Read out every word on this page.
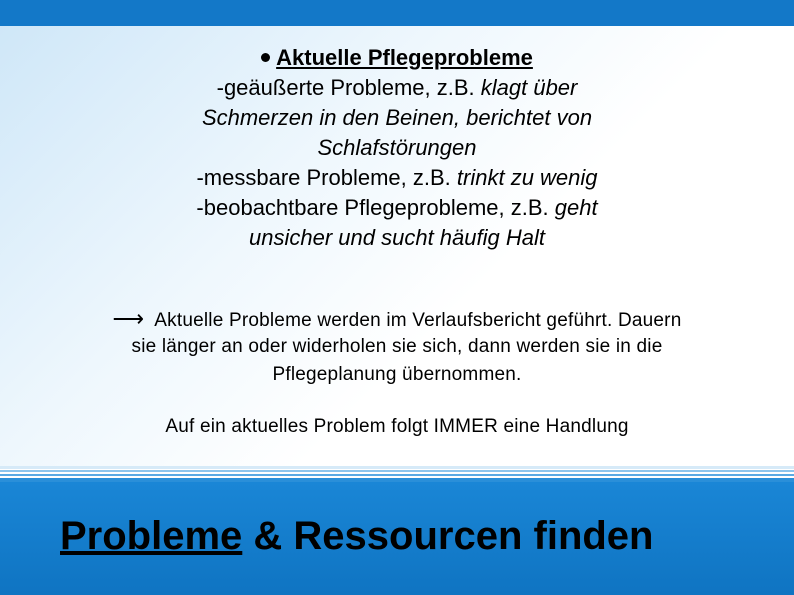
Aktuelle Pflegeprobleme
-geäußerte Probleme, z.B. klagt über
Schmerzen in den Beinen, berichtet von
Schlafstörungen
-messbare Probleme, z.B. trinkt zu wenig
-beobachtbare Pflegeprobleme, z.B. geht
unsicher und sucht häufig Halt
⟶ Aktuelle Probleme werden im Verlaufsbericht geführt. Dauern
sie länger an oder widerholen sie sich, dann werden sie in die
Pflegeplanung übernommen.
Auf ein aktuelles Problem folgt IMMER eine Handlung
Probleme & Ressourcen finden
